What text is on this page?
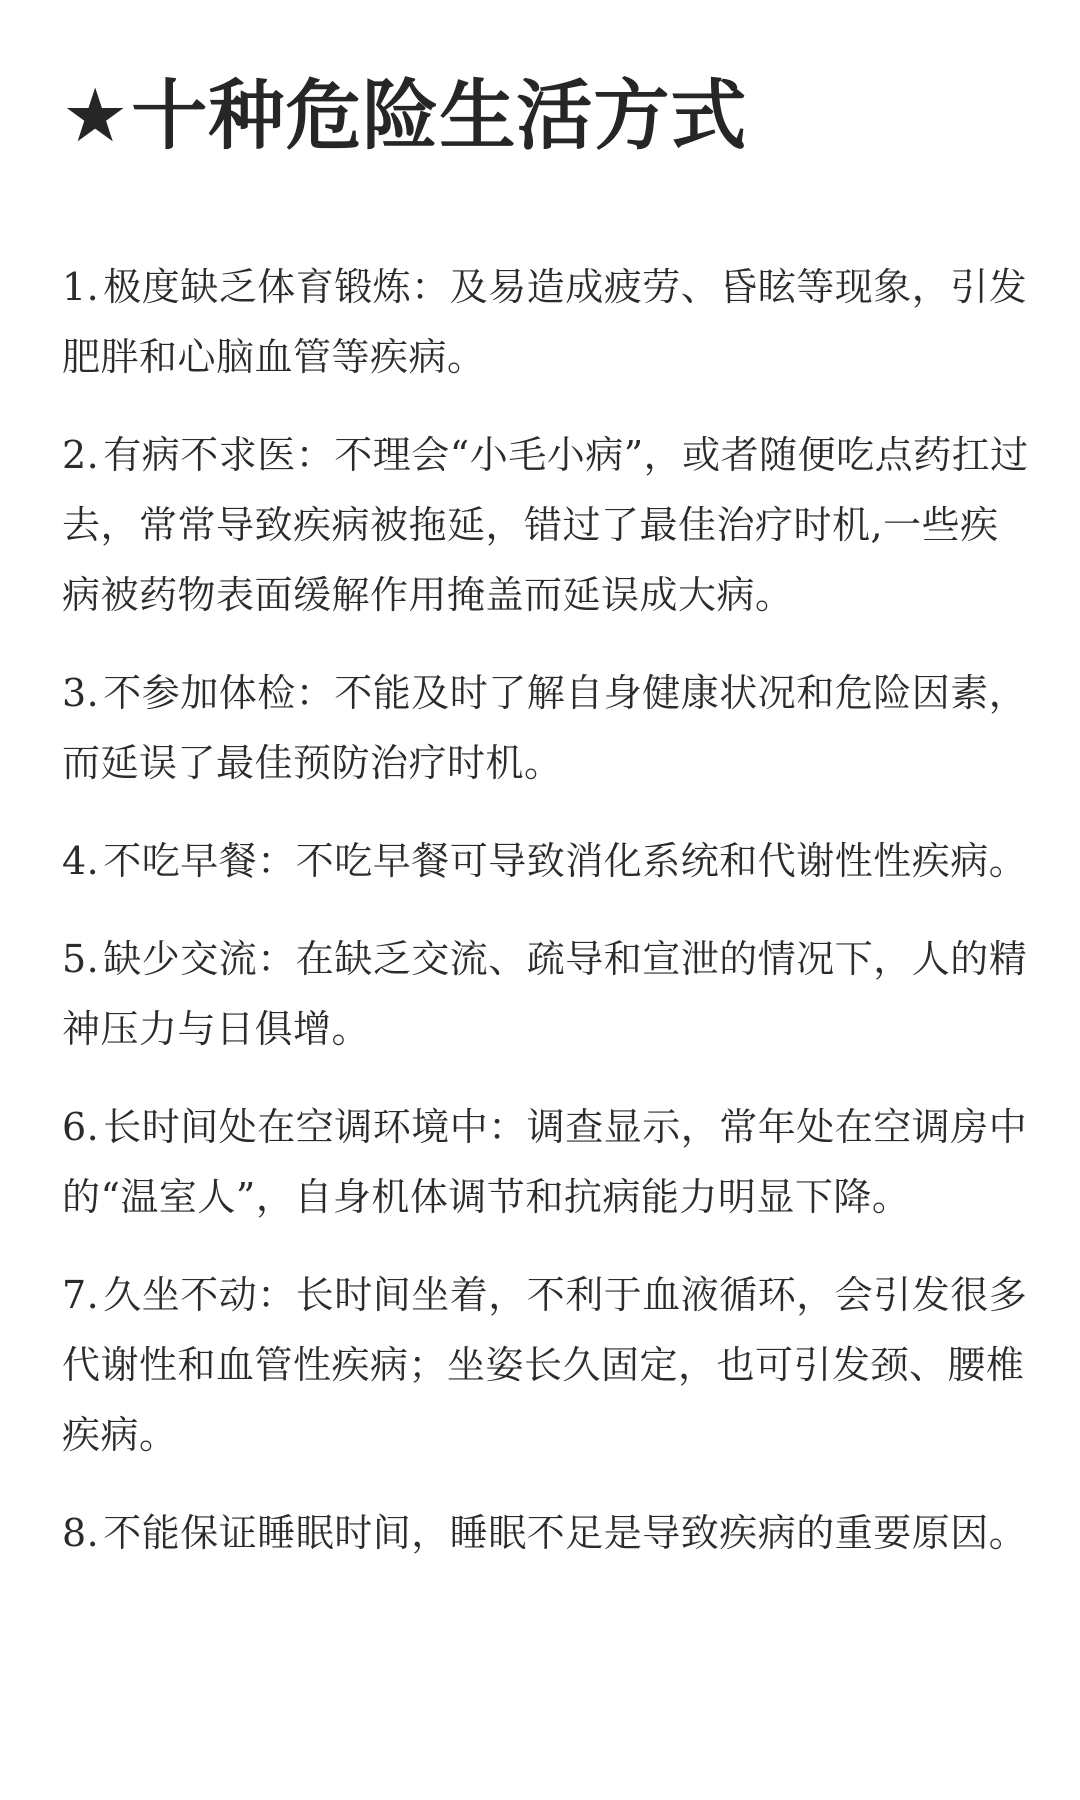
★ 十种危险生活方式

1. 极度缺乏体育锻炼：及易造成疲劳、昏眩等现象，引发肥胖和心脑血管等疾病。

2. 有病不求医：不理会“小毛小病”，或者随便吃点药扛过去，常常导致疾病被拖延，错过了最佳治疗时机,一些疾病被药物表面缓解作用掩盖而延误成大病。

3. 不参加体检：不能及时了解自身健康状况和危险因素，而延误了最佳预防治疗时机。

4. 不吃早餐：不吃早餐可导致消化系统和代谢性性疾病。

5. 缺少交流：在缺乏交流、疏导和宣泄的情况下，人的精神压力与日俱增。

6. 长时间处在空调环境中：调查显示，常年处在空调房中的“温室人”，自身机体调节和抗病能力明显下降。

7. 久坐不动：长时间坐着，不利于血液循环，会引发很多代谢性和血管性疾病；坐姿长久固定，也可引发颈、腰椎疾病。

8. 不能保证睡眠时间，睡眠不足是导致疾病的重要原因。
